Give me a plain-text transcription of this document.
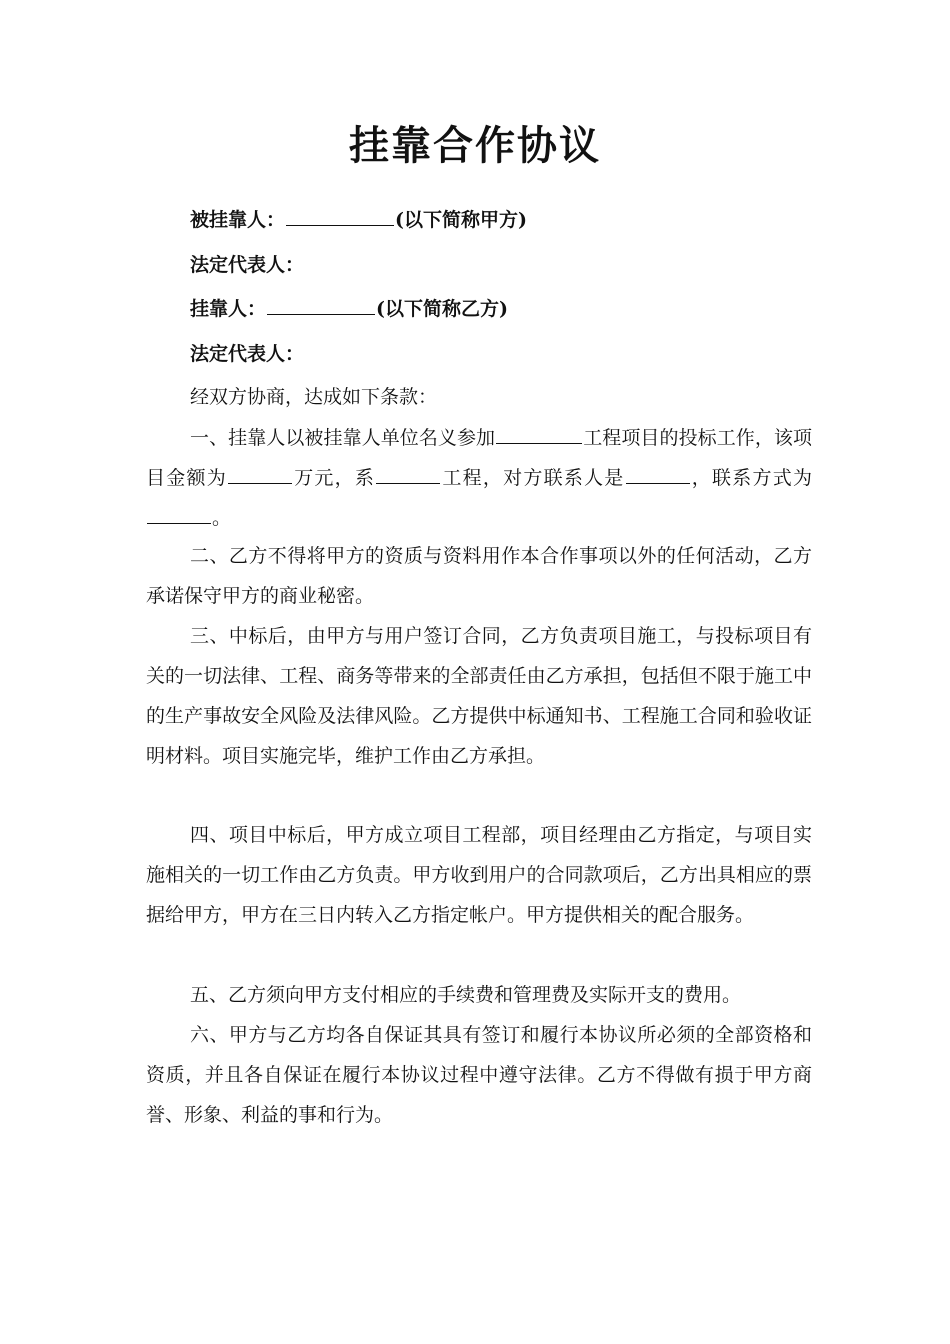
挂靠合作协议
被挂靠人：	(以下简称甲方)
法定代表人：
挂靠人：	(以下简称乙方)
法定代表人：
经双方协商，达成如下条款：
一、挂靠人以被挂靠人单位名义参加	工程项目的投标工作，该项目金额为	万元，系	工程，对方联系人是	，联系方式为。
二、乙方不得将甲方的资质与资料用作本合作事项以外的任何活动，乙方承诺保守甲方的商业秘密。
三、中标后，由甲方与用户签订合同，乙方负责项目施工，与投标项目有关的一切法律、工程、商务等带来的全部责任由乙方承担，包括但不限于施工中的生产事故安全风险及法律风险。乙方提供中标通知书、工程施工合同和验收证明材料。项目实施完毕，维护工作由乙方承担。
四、项目中标后，甲方成立项目工程部，项目经理由乙方指定，与项目实施相关的一切工作由乙方负责。甲方收到用户的合同款项后，乙方出具相应的票据给甲方，甲方在三日内转入乙方指定帐户。甲方提供相关的配合服务。
五、乙方须向甲方支付相应的手续费和管理费及实际开支的费用。
六、甲方与乙方均各自保证其具有签订和履行本协议所必须的全部资格和资质，并且各自保证在履行本协议过程中遵守法律。乙方不得做有损于甲方商誉、形象、利益的事和行为。
